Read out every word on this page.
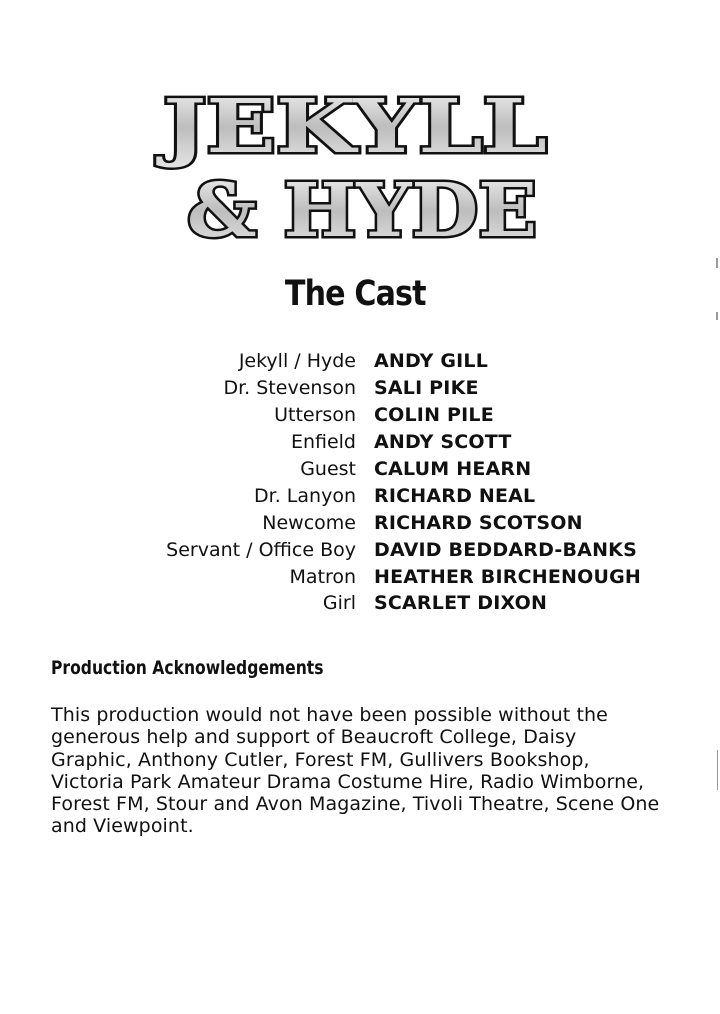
JEKYLL
& HYDE
The Cast
Jekyll / Hyde ANDY GILL
Dr. Stevenson SALI PIKE
Utterson COLIN PILE
Enfield ANDY SCOTT
Guest CALUM HEARN
Dr. Lanyon RICHARD NEAL
Newcome RICHARD SCOTSON
Servant / Office Boy DAVID BEDDARD-BANKS
Matron HEATHER BIRCHENOUGH
Girl SCARLET DIXON
Production Acknowledgements
This production would not have been possible without the
generous help and support of Beaucroft College, Daisy
Graphic, Anthony Cutler, Forest FM, Gullivers Bookshop,
Victoria Park Amateur Drama Costume Hire, Radio Wimborne,
Forest FM, Stour and Avon Magazine, Tivoli Theatre, Scene One
and Viewpoint.
